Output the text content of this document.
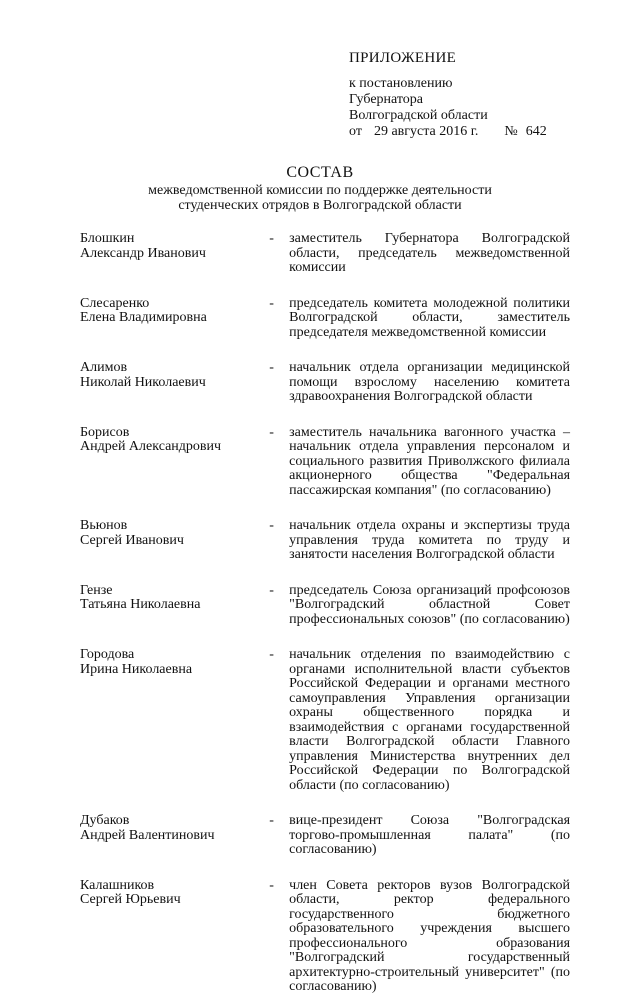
ПРИЛОЖЕНИЕ
к постановлению
Губернатора
Волгоградской области
от 29 августа 2016 г. № 642
СОСТАВ
межведомственной комиссии по поддержке деятельности студенческих отрядов в Волгоградской области
Блошкин
Александр Иванович
-	заместитель Губернатора Волгоградской области, председатель межведомственной комиссии
Слесаренко
Елена Владимировна
-	председатель комитета молодежной политики Волгоградской области, заместитель председателя межведомственной комиссии
Алимов
Николай Николаевич
-	начальник отдела организации медицинской помощи взрослому населению комитета здравоохранения Волгоградской области
Борисов
Андрей Александрович
-	заместитель начальника вагонного участка – начальник отдела управления персоналом и социального развития Приволжского филиала акционерного общества "Федеральная пассажирская компания" (по согласованию)
Вьюнов
Сергей Иванович
-	начальник отдела охраны и экспертизы труда управления труда комитета по труду и занятости населения Волгоградской области
Гензе
Татьяна Николаевна
-	председатель Союза организаций профсоюзов "Волгоградский областной Совет профессиональных союзов" (по согласованию)
Городова
Ирина Николаевна
-	начальник отделения по взаимодействию с органами исполнительной власти субъектов Российской Федерации и органами местного самоуправления Управления организации охраны общественного порядка и взаимодействия с органами государственной власти Волгоградской области Главного управления Министерства внутренних дел Российской Федерации по Волгоградской области (по согласованию)
Дубаков
Андрей Валентинович
-	вице-президент Союза "Волгоградская торгово-промышленная палата" (по согласованию)
Калашников
Сергей Юрьевич
-	член Совета ректоров вузов Волгоградской области, ректор федерального государственного бюджетного образовательного учреждения высшего профессионального образования "Волгоградский государственный архитектурно-строительный университет" (по согласованию)
